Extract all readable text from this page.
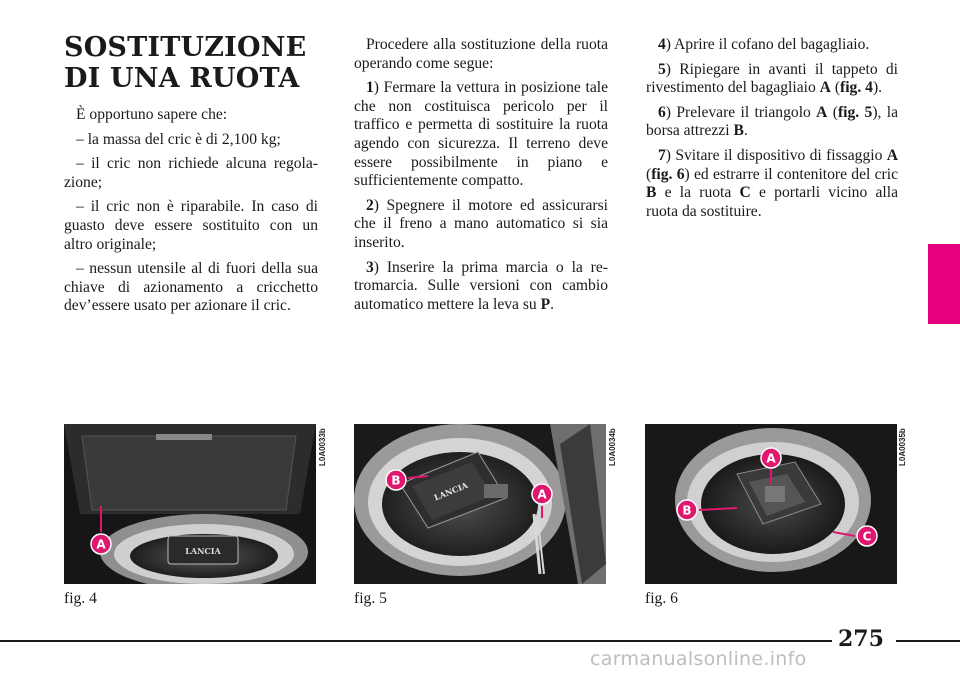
SOSTITUZIONE
DI UNA RUOTA

È opportuno sapere che:

– la massa del cric è di 2,100 kg;

– il cric non richiede alcuna regola-zione;

– il cric non è riparabile. In caso di guasto deve essere sostituito con un altro originale;

– nessun utensile al di fuori della sua chiave di azionamento a cricchetto dev’essere usato per azionare il cric.

Procedere alla sostituzione della ruota operando come segue:

1) Fermare la vettura in posizione tale che non costituisca pericolo per il traffico e permetta di sostituire la ruota agendo con sicurezza. Il terreno deve essere possibilmente in piano e sufficientemente compatto.

2) Spegnere il motore ed assicurarsi che il freno a mano automatico si sia inserito.

3) Inserire la prima marcia o la re-tromarcia. Sulle versioni con cambio automatico mettere la leva su P.

4) Aprire il cofano del bagagliaio.

5) Ripiegare in avanti il tappeto di rivestimento del bagagliaio A (fig. 4).

6) Prelevare il triangolo A (fig. 5), la borsa attrezzi B.

7) Svitare il dispositivo di fissaggio A (fig. 6) ed estrarre il contenitore del cric B e la ruota C e portarli vicino alla ruota da sostituire.

LANCIA
A
L0A0033b
fig. 4
LANCIA
B
A
L0A0034b
fig. 5
A
B
C
L0A0035b
fig. 6
275
carmanualsonline.info
